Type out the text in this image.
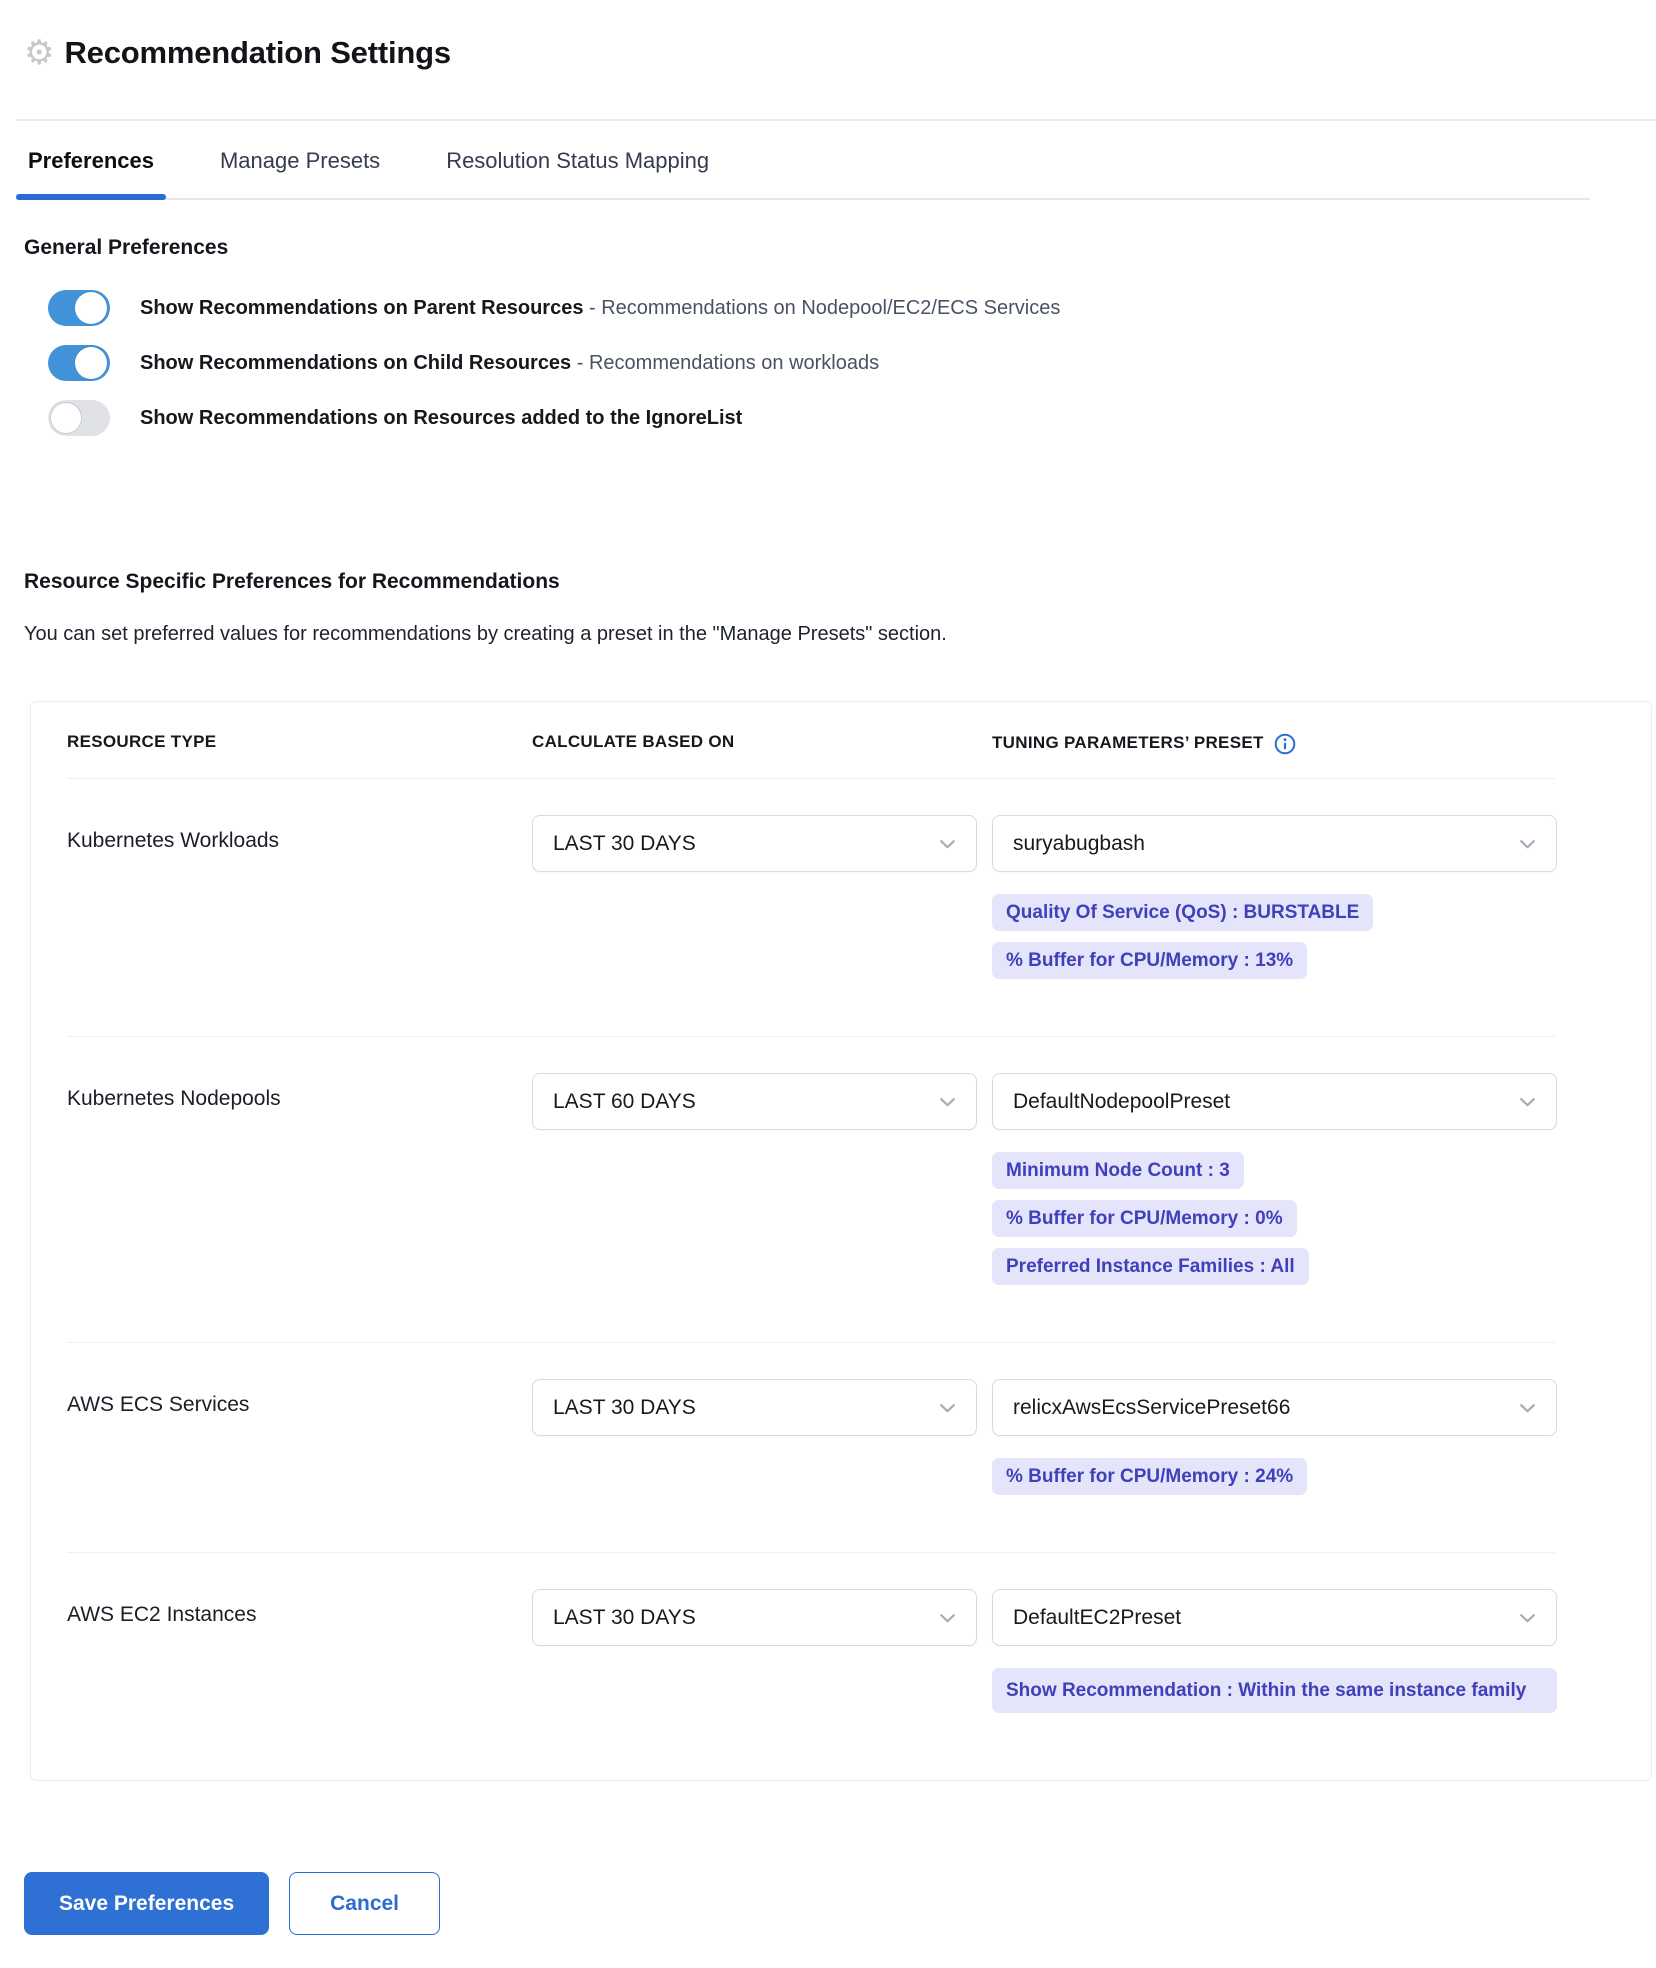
⚙ Recommendation Settings
Preferences	Manage Presets	Resolution Status Mapping
General Preferences
Show Recommendations on Parent Resources - Recommendations on Nodepool/EC2/ECS Services
Show Recommendations on Child Resources - Recommendations on workloads
Show Recommendations on Resources added to the IgnoreList
Resource Specific Preferences for Recommendations

You can set preferred values for recommendations by creating a preset in the "Manage Presets" section.

RESOURCE TYPE	CALCULATE BASED ON	TUNING PARAMETERS’ PRESET
Kubernetes Workloads	LAST 30 DAYS	suryabugbash
Quality Of Service (QoS) : BURSTABLE
% Buffer for CPU/Memory : 13%
Kubernetes Nodepools	LAST 60 DAYS	DefaultNodepoolPreset
Minimum Node Count : 3
% Buffer for CPU/Memory : 0%
Preferred Instance Families : All
AWS ECS Services	LAST 30 DAYS	relicxAwsEcsServicePreset66
% Buffer for CPU/Memory : 24%
AWS EC2 Instances	LAST 30 DAYS	DefaultEC2Preset
Show Recommendation : Within the same instance family
Save Preferences	Cancel
